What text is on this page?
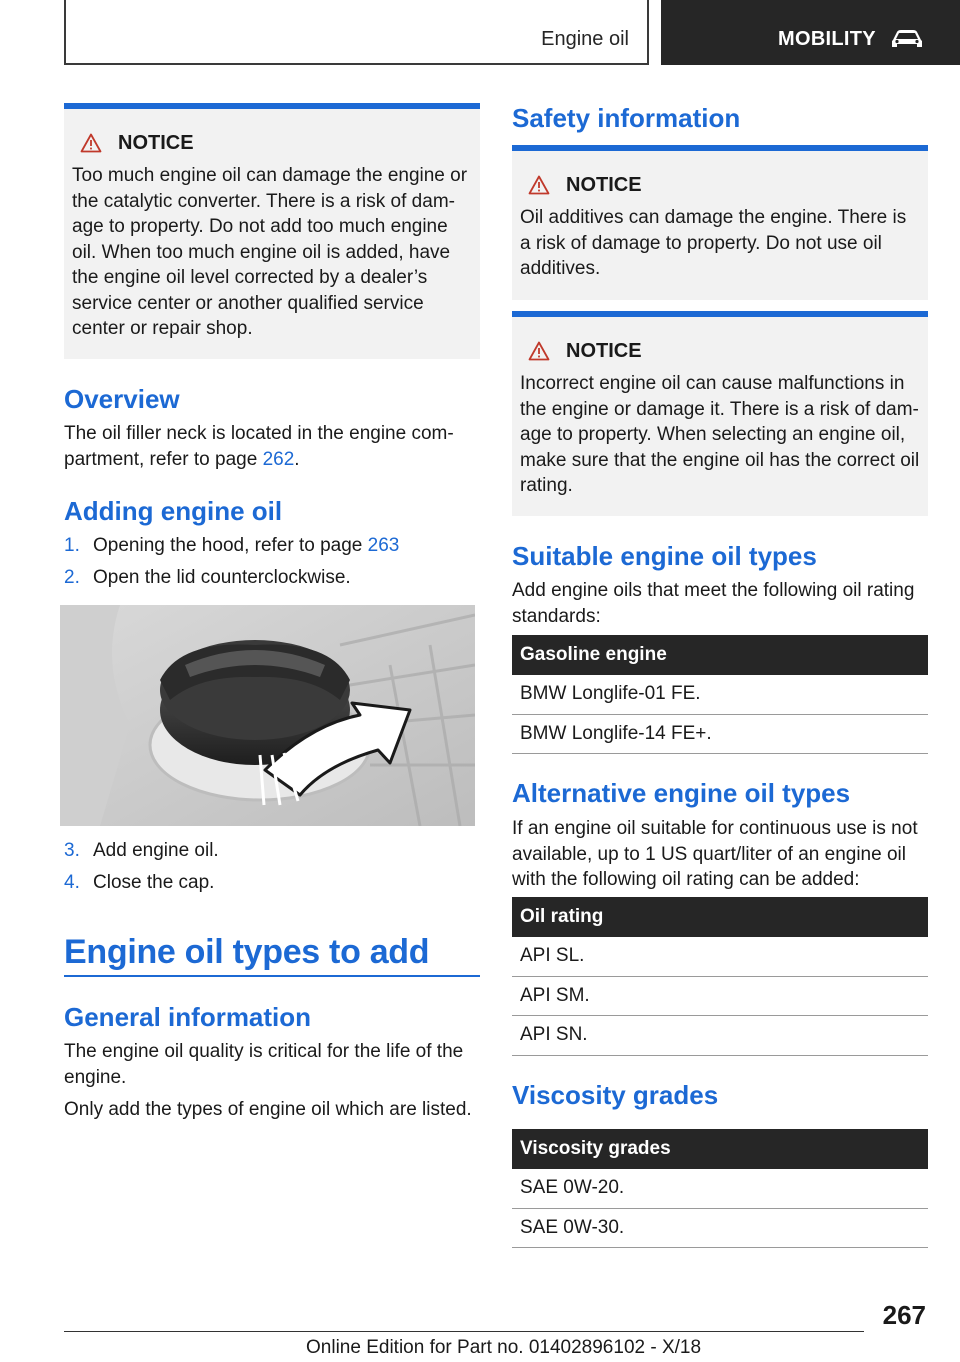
Engine oil	MOBILITY
NOTICE
Too much engine oil can damage the engine or the catalytic converter. There is a risk of damage to property. Do not add too much engine oil. When too much engine oil is added, have the engine oil level corrected by a dealer’s service center or another qualified service center or repair shop.
Overview
The oil filler neck is located in the engine compartment, refer to page 262.
Adding engine oil
1. Opening the hood, refer to page 263
2. Open the lid counterclockwise.
3. Add engine oil.
4. Close the cap.
Engine oil types to add
General information
The engine oil quality is critical for the life of the engine.
Only add the types of engine oil which are listed.
Safety information
NOTICE
Oil additives can damage the engine. There is a risk of damage to property. Do not use oil additives.
NOTICE
Incorrect engine oil can cause malfunctions in the engine or damage it. There is a risk of damage to property. When selecting an engine oil, make sure that the engine oil has the correct oil rating.
Suitable engine oil types
Add engine oils that meet the following oil rating standards:
Gasoline engine
BMW Longlife-01 FE.
BMW Longlife-14 FE+.
Alternative engine oil types
If an engine oil suitable for continuous use is not available, up to 1 US quart/liter of an engine oil with the following oil rating can be added:
Oil rating
API SL.
API SM.
API SN.
Viscosity grades
Viscosity grades
SAE 0W-20.
SAE 0W-30.
267
Online Edition for Part no. 01402896102 - X/18
